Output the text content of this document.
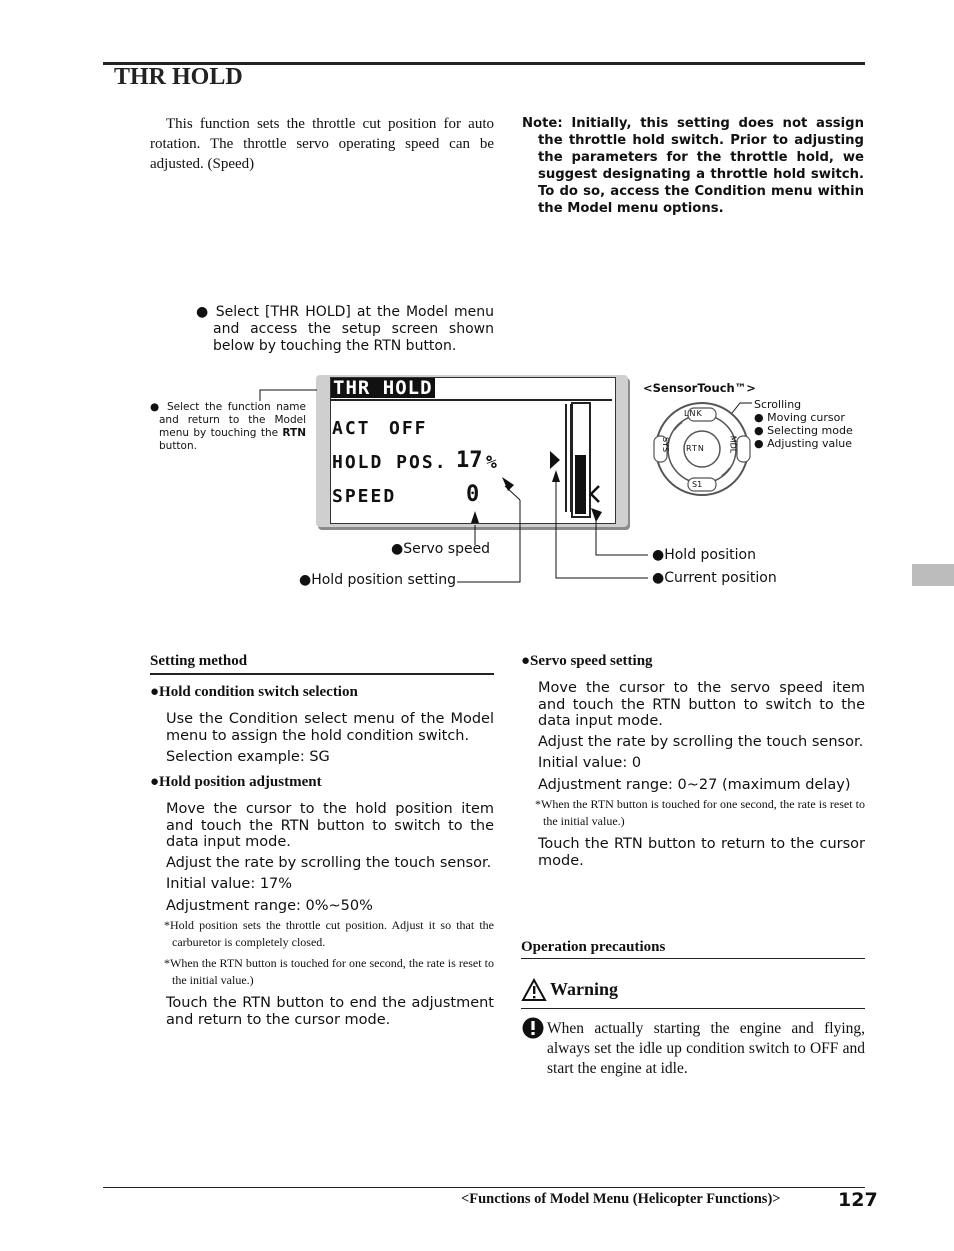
THR HOLD
This function sets the throttle cut position for auto rotation. The throttle servo operating speed can be adjusted. (Speed)
Note: Initially, this setting does not assign the throttle hold switch. Prior to adjusting the parameters for the throttle hold, we suggest designating a throttle hold switch. To do so, access the Condition menu within the Model menu options.

● Select [THR HOLD] at the Model menu and access the setup screen shown below by touching the RTN button.

● Select the function name and return to the Model menu by touching the RTN button.

THR HOLD
ACT OFF
HOLD POS. 17 %
SPEED	0
●Servo speed
●Hold position setting
●Hold position
●Current position
<SensorTouch™>
LNK
S1
SYS	MDL
RTN
Scrolling
● Moving cursor
● Selecting mode
● Adjusting value
Setting method
●Hold condition switch selection
Use the Condition select menu of the Model menu to assign the hold condition switch.
Selection example: SG
●Hold position adjustment
Move the cursor to the hold position item and touch the RTN button to switch to the data input mode.
Adjust the rate by scrolling the touch sensor.
Initial value: 17%
Adjustment range: 0%~50%
*Hold position sets the throttle cut position. Adjust it so that the carburetor is completely closed.
*When the RTN button is touched for one second, the rate is reset to the initial value.)
Touch the RTN button to end the adjustment and return to the cursor mode.
●Servo speed setting
Move the cursor to the servo speed item and touch the RTN button to switch to the data input mode.
Adjust the rate by scrolling the touch sensor.
Initial value: 0
Adjustment range: 0~27 (maximum delay)
*When the RTN button is touched for one second, the rate is reset to the initial value.)
Touch the RTN button to return to the cursor mode.
Operation precautions
Warning
When actually starting the engine and flying, always set the idle up condition switch to OFF and start the engine at idle.
<Functions of Model Menu (Helicopter Functions)>	127
